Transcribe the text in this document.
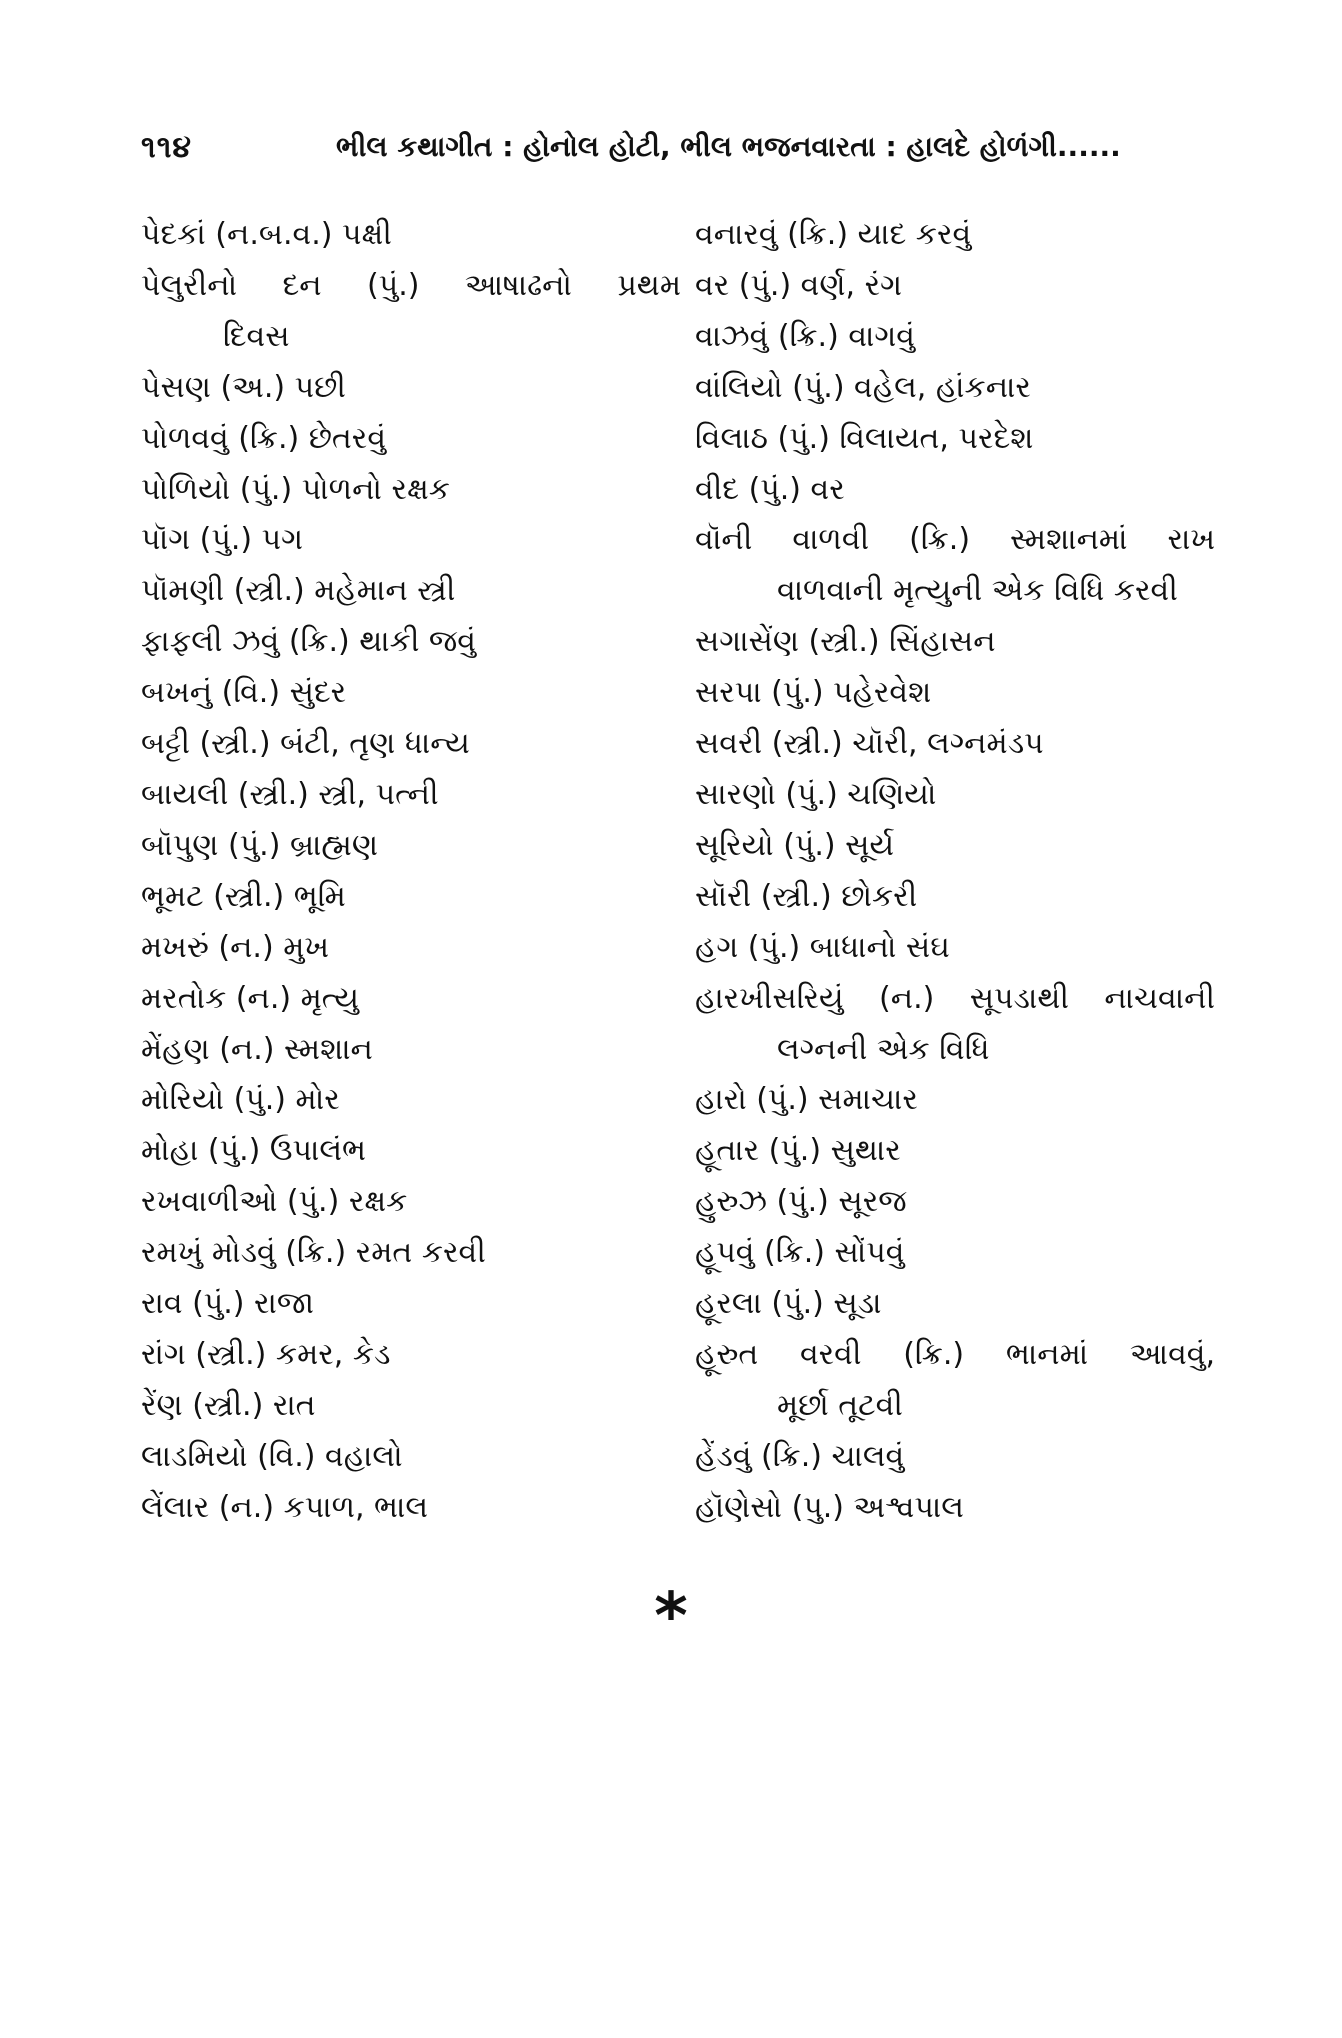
૧૧૪	ભીલ કથાગીત : હોનોલ હોટી, ભીલ ભજનવારતા : હાલદે હોળંગી......
પેદકાં (ન.બ.વ.) પક્ષી
પેલુરીનો દન (પું.) આષાઢનો પ્રથમ
દિવસ
પેસણ (અ.) પછી
પોળવવું (ક્રિ.) છેતરવું
પોળિયો (પું.) પોળનો રક્ષક
પૉગ (પું.) પગ
પૉમણી (સ્ત્રી.) મહેમાન સ્ત્રી
ફાફલી ઝવું (ક્રિ.) થાકી જવું
બખનું (વિ.) સુંદર
બટ્ટી (સ્ત્રી.) બંટી, તૃણ ધાન્ય
બાયલી (સ્ત્રી.) સ્ત્રી, પત્ની
બૉપુણ (પું.) બ્રાહ્મણ
ભૂમટ (સ્ત્રી.) ભૂમિ
મખરું (ન.) મુખ
મરતોક (ન.) મૃત્યુ
મેંહણ (ન.) સ્મશાન
મોરિયો (પું.) મોર
મોહા (પું.) ઉપાલંભ
રખવાળીઓ (પું.) રક્ષક
રમખું મોડવું (ક્રિ.) રમત કરવી
રાવ (પું.) રાજા
રાંગ (સ્ત્રી.) કમર, કેડ
રેંણ (સ્ત્રી.) રાત
લાડમિયો (વિ.) વહાલો
લેંલાર (ન.) કપાળ, ભાલ
વનારવું (ક્રિ.) યાદ કરવું
વર (પું.) વર્ણ, રંગ
વાઝવું (ક્રિ.) વાગવું
વાંલિયો (પું.) વહેલ, હાંકનાર
વિલાઠ (પું.) વિલાયત, પરદેશ
વીદ (પું.) વર
વૉની વાળવી (ક્રિ.) સ્મશાનમાં રાખ
વાળવાની મૃત્યુની એક વિધિ કરવી
સગાસેંણ (સ્ત્રી.) સિંહાસન
સરપા (પું.) પહેરવેશ
સવરી (સ્ત્રી.) ચૉરી, લગ્નમંડપ
સારણો (પું.) ચણિયો
સૂરિયો (પું.) સૂર્ય
સૉરી (સ્ત્રી.) છોકરી
હગ (પું.) બાધાનો સંઘ
હારખીસરિયું (ન.) સૂપડાથી નાચવાની
લગ્નની એક વિધિ
હારો (પું.) સમાચાર
હૂતાર (પું.) સુથાર
હુરુઝ (પું.) સૂરજ
હૂપવું (ક્રિ.) સોંપવું
હૂરલા (પું.) સૂડા
હૂરુત વરવી (ક્રિ.) ભાનમાં આવવું,
મૂર્છા તૂટવી
હેંડવું (ક્રિ.) ચાલવું
હૉણેસો (પુ.) અશ્વપાલ
*
